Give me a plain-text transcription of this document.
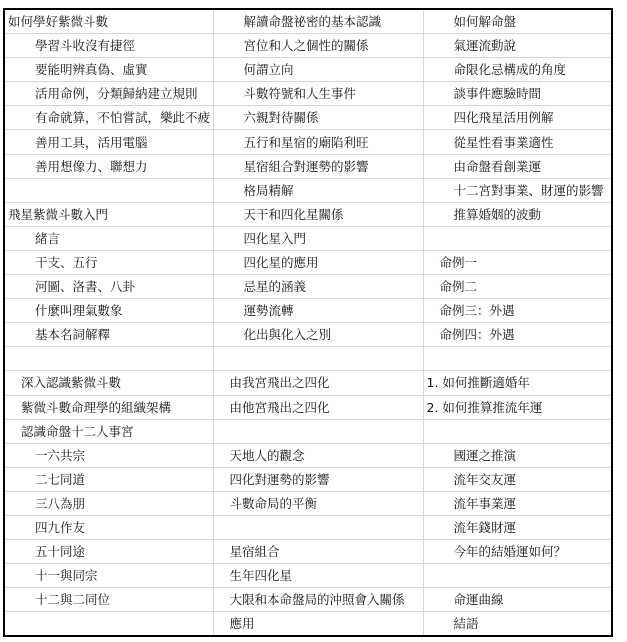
如何學好紫微斗數	解讀命盤祕密的基本認識	如何解命盤
學習斗收沒有捷徑	宮位和人之個性的關係	氣運流動說
要能明辨真偽、虛實	何謂立向	命限化忌構成的角度
活用命例，分類歸納建立規則	斗數符號和人生事件	談事件應驗時間
有命就算，不怕嘗試，樂此不疲	六親對待關係	四化飛星活用例解
善用工具，活用電腦	五行和星宿的廟陷利旺	從星性看事業適性
善用想像力、聯想力	星宿組合對運勢的影響	由命盤看創業運
	格局精解	十二宮對事業、財運的影響
飛星紫微斗數入門	天干和四化星關係	推算婚姻的波動
緒言	四化星入門	
干支、五行	四化星的應用	命例一
河圖、洛書、八卦	忌星的涵義	命例二
什麼叫理氣數象	運勢流轉	命例三：外遇
基本名詞解釋	化出與化入之別	命例四：外遇

深入認識紫微斗數	由我宮飛出之四化	1. 如何推斷適婚年
紫微斗數命理學的組織架構	由他宮飛出之四化	2. 如何推算推流年運
認識命盤十二人事宮		
一六共宗	天地人的觀念	國運之推演
二七同道	四化對運勢的影響	流年交友運
三八為朋	斗數命局的平衡	流年事業運
四九作友		流年錢財運
五十同途	星宿組合	今年的結婚運如何？
十一與同宗	生年四化星	
十二與二同位	大限和本命盤局的沖照會入關係	命運曲線
	應用	結語
